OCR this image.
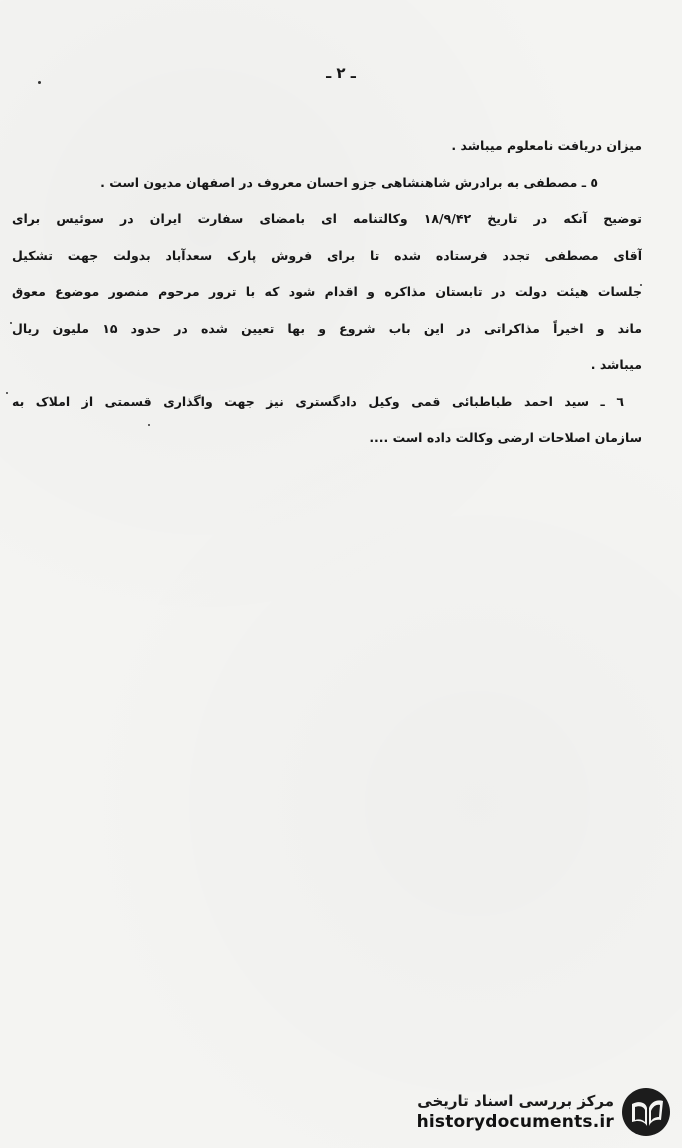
ـ ٢ ـ
میزان دریافت نامعلوم میباشد .
٥ ـ مصطفی به برادرش شاهنشاهی جزو احسان معروف در اصفهان مدیون است .
توضیح آنکه در تاریخ ۱۸/۹/۴۲ وکالتنامه ای بامضای سفارت ایران در سوئیس برای
آقای مصطفی تجدد فرستاده شده تا برای فروش پارک سعدآباد بدولت جهت تشکیل
جلسات هیئت دولت در تابستان مذاکره و اقدام شود که با ترور مرحوم منصور موضوع معوق
ماند و اخیراً مذاکراتی در این باب شروع و بها تعیین شده در حدود ۱۵ ملیون ریال
میباشد .
٦ ـ سید احمد طباطبائی قمی وکیل دادگستری نیز جهت واگذاری قسمتی از املاک به
سازمان اصلاحات ارضی وکالت داده است ....
مرکز بررسی اسناد تاریخی
historydocuments.ir
